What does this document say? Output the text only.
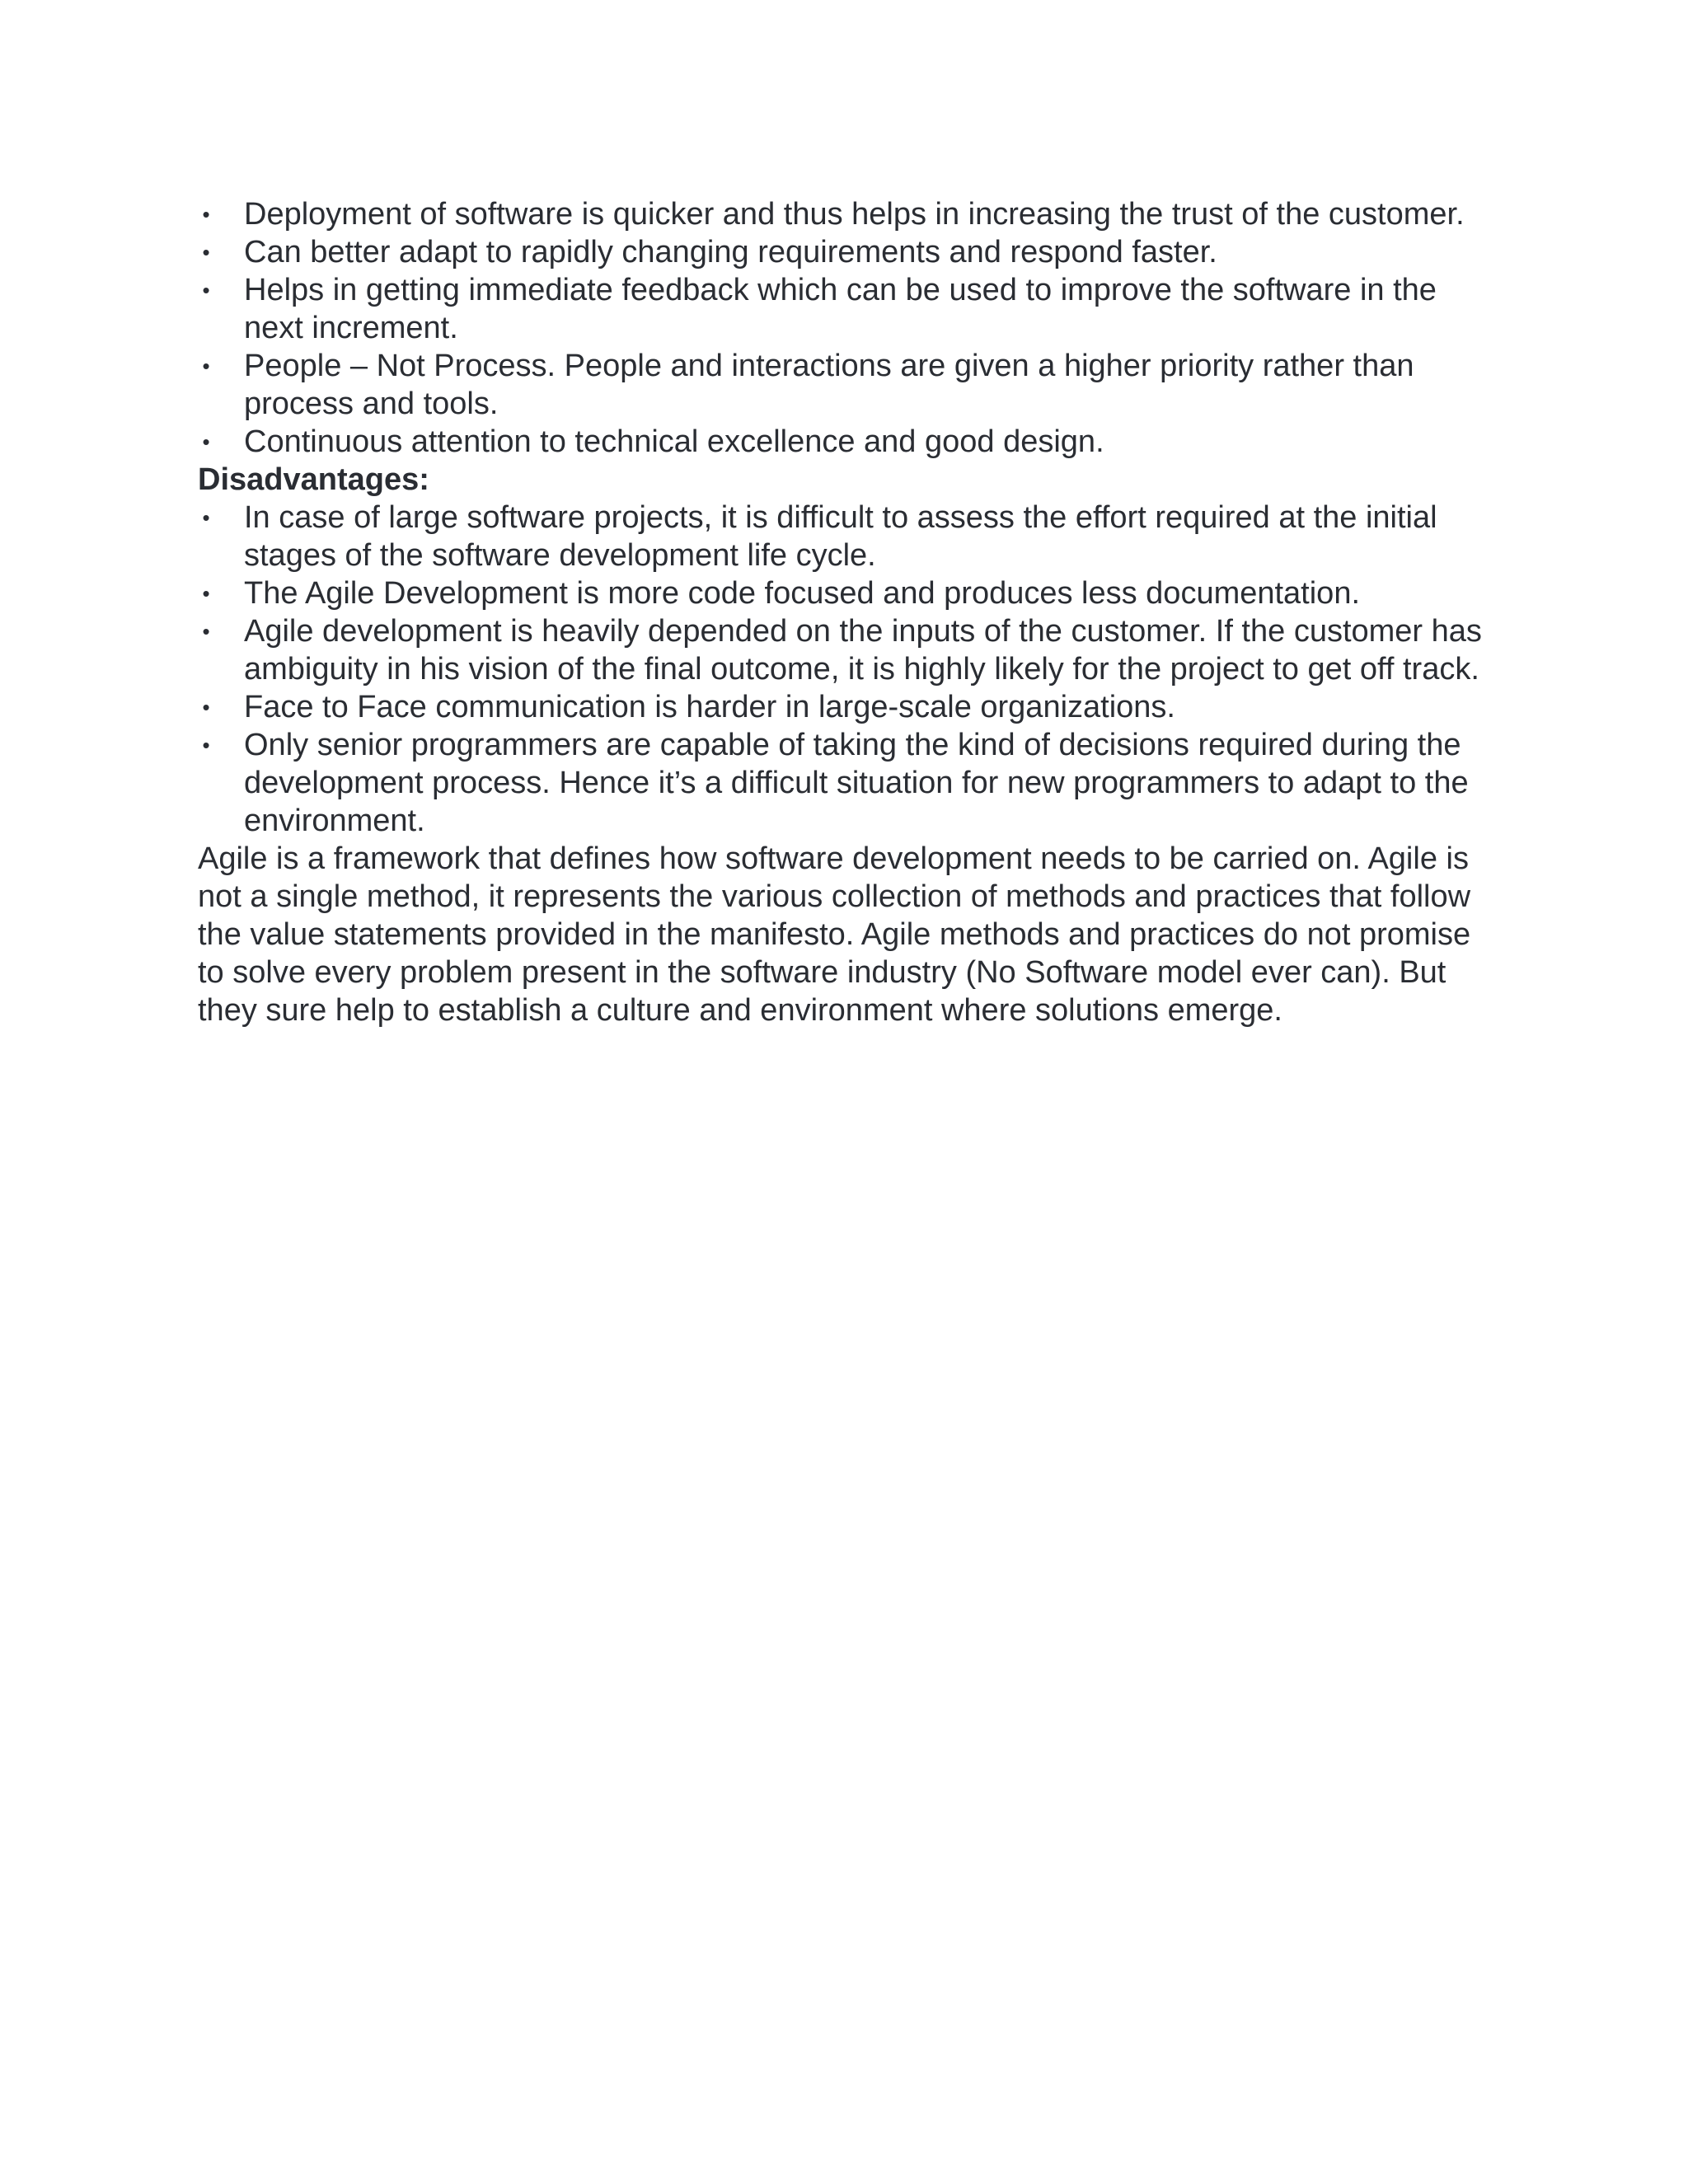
• Deployment of software is quicker and thus helps in increasing the trust of the customer.
• Can better adapt to rapidly changing requirements and respond faster.
• Helps in getting immediate feedback which can be used to improve the software in the next increment.
• People – Not Process. People and interactions are given a higher priority rather than process and tools.
• Continuous attention to technical excellence and good design.

Disadvantages:

• In case of large software projects, it is difficult to assess the effort required at the initial stages of the software development life cycle.
• The Agile Development is more code focused and produces less documentation.
• Agile development is heavily depended on the inputs of the customer. If the customer has ambiguity in his vision of the final outcome, it is highly likely for the project to get off track.
• Face to Face communication is harder in large-scale organizations.
• Only senior programmers are capable of taking the kind of decisions required during the development process. Hence it’s a difficult situation for new programmers to adapt to the environment.

Agile is a framework that defines how software development needs to be carried on. Agile is not a single method, it represents the various collection of methods and practices that follow the value statements provided in the manifesto. Agile methods and practices do not promise to solve every problem present in the software industry (No Software model ever can). But they sure help to establish a culture and environment where solutions emerge.
